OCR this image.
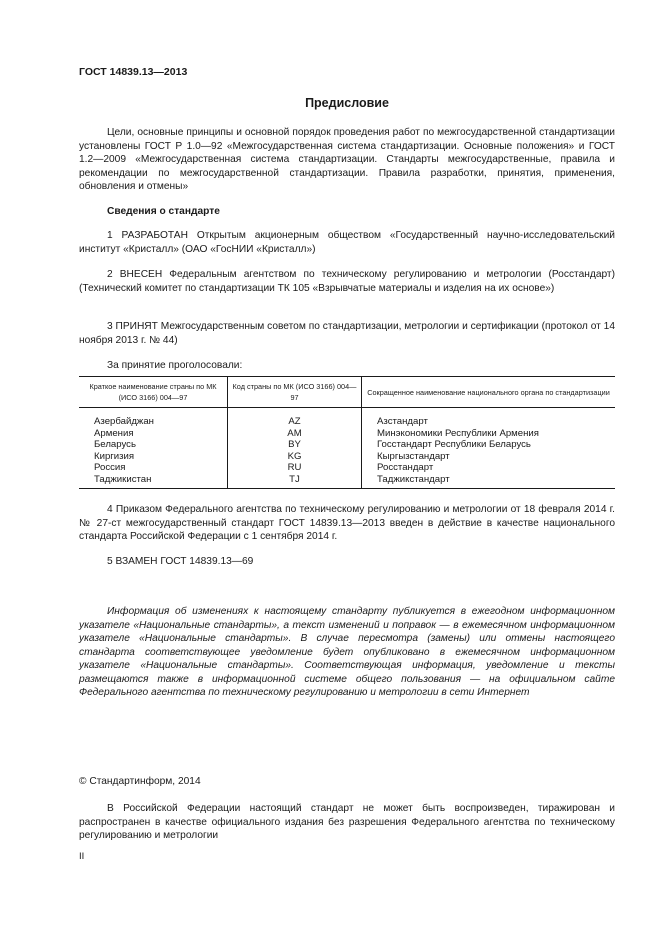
ГОСТ 14839.13—2013
Предисловие

Цели, основные принципы и основной порядок проведения работ по межгосударственной стандартизации установлены ГОСТ Р 1.0—92 «Межгосударственная система стандартизации. Основные положения» и ГОСТ 1.2—2009 «Межгосударственная система стандартизации. Стандарты межгосударственные, правила и рекомендации по межгосударственной стандартизации. Правила разработки, принятия, применения, обновления и отмены»

Сведения о стандарте

1 РАЗРАБОТАН Открытым акционерным обществом «Государственный научно-исследовательский институт «Кристалл» (ОАО «ГосНИИ «Кристалл»)

2 ВНЕСЕН Федеральным агентством по техническому регулированию и метрологии (Росстандарт) (Технический комитет по стандартизации ТК 105 «Взрывчатые материалы и изделия на их основе»)

3 ПРИНЯТ Межгосударственным советом по стандартизации, метрологии и сертификации (протокол от 14 ноября 2013 г. № 44)

За принятие проголосовали:

Краткое наименование страны по МК (ИСО 3166) 004—97	Код страны по МК (ИСО 3166) 004—97	Сокращенное наименование национального органа по стандартизации
Азербайджан	AZ	Азстандарт
Армения	AM	Минэкономики Республики Армения
Беларусь	BY	Госстандарт Республики Беларусь
Киргизия	KG	Кыргызстандарт
Россия	RU	Росстандарт
Таджикистан	TJ	Таджикстандарт

4 Приказом Федерального агентства по техническому регулированию и метрологии от 18 февраля 2014 г. № 27-ст межгосударственный стандарт ГОСТ 14839.13—2013 введен в действие в качестве национального стандарта Российской Федерации с 1 сентября 2014 г.

5 ВЗАМЕН ГОСТ 14839.13—69

Информация об изменениях к настоящему стандарту публикуется в ежегодном информационном указателе «Национальные стандарты», а текст изменений и поправок — в ежемесячном информационном указателе «Национальные стандарты». В случае пересмотра (замены) или отмены настоящего стандарта соответствующее уведомление будет опубликовано в ежемесячном информационном указателе «Национальные стандарты». Соответствующая информация, уведомление и тексты размещаются также в информационной системе общего пользования — на официальном сайте Федерального агентства по техническому регулированию и метрологии в сети Интернет

© Стандартинформ, 2014

В Российской Федерации настоящий стандарт не может быть воспроизведен, тиражирован и распространен в качестве официального издания без разрешения Федерального агентства по техническому регулированию и метрологии

II
